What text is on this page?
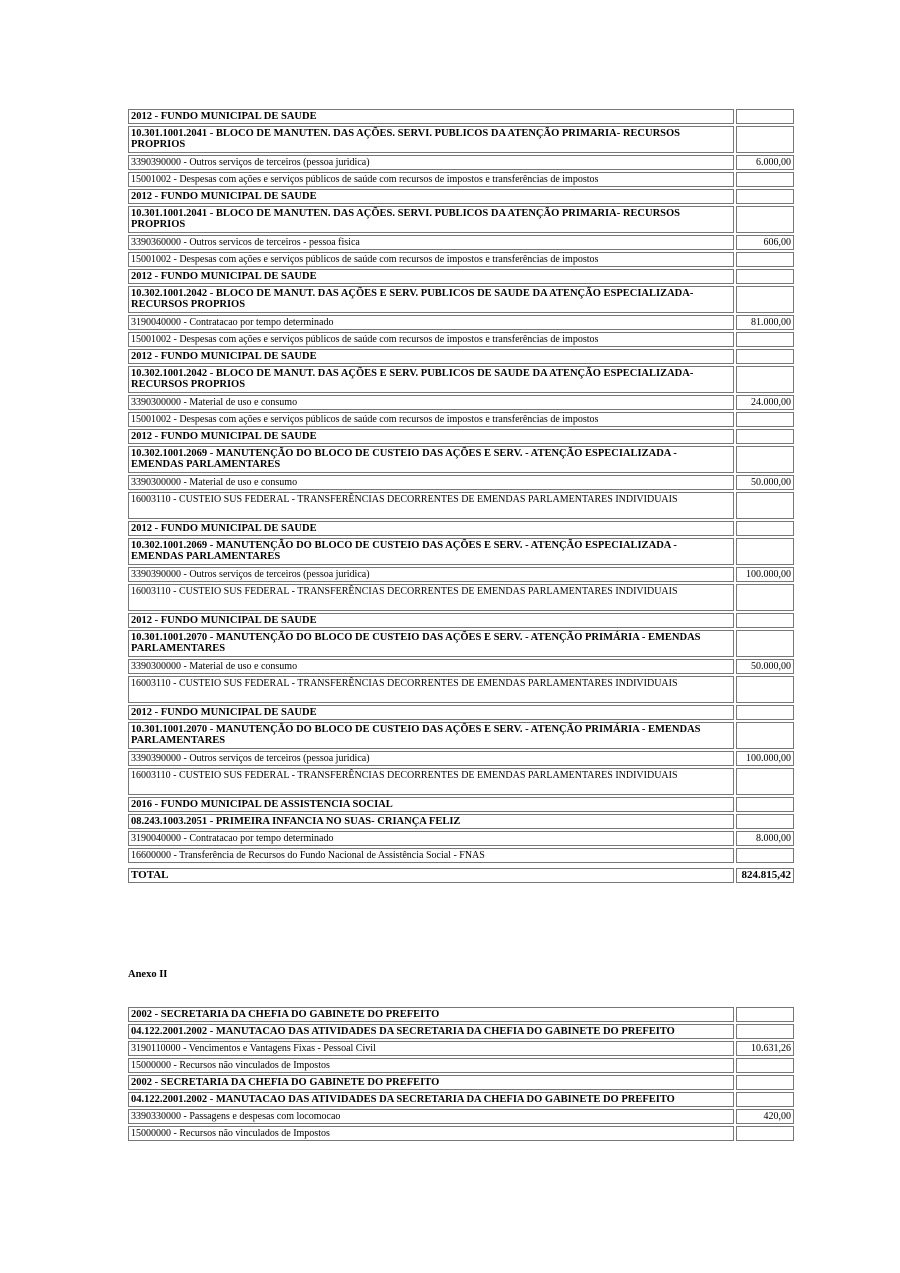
2012 - FUNDO MUNICIPAL DE SAUDE	
10.301.1001.2041 - BLOCO DE MANUTEN. DAS AÇÕES. SERVI. PUBLICOS DA ATENÇÃO PRIMARIA- RECURSOS PROPRIOS	
3390390000 - Outros serviços de terceiros (pessoa juridica)	6.000,00
15001002 - Despesas com ações e serviços públicos de saúde com recursos de impostos e transferências de impostos	
2012 - FUNDO MUNICIPAL DE SAUDE	
10.301.1001.2041 - BLOCO DE MANUTEN. DAS AÇÕES. SERVI. PUBLICOS DA ATENÇÃO PRIMARIA- RECURSOS PROPRIOS	
3390360000 - Outros servicos de terceiros - pessoa fisica	606,00
15001002 - Despesas com ações e serviços públicos de saúde com recursos de impostos e transferências de impostos	
2012 - FUNDO MUNICIPAL DE SAUDE	
10.302.1001.2042 - BLOCO DE MANUT. DAS AÇÕES E SERV. PUBLICOS DE SAUDE DA ATENÇÃO ESPECIALIZADA- RECURSOS PROPRIOS	
3190040000 - Contratacao por tempo determinado	81.000,00
15001002 - Despesas com ações e serviços públicos de saúde com recursos de impostos e transferências de impostos	
2012 - FUNDO MUNICIPAL DE SAUDE	
10.302.1001.2042 - BLOCO DE MANUT. DAS AÇÕES E SERV. PUBLICOS DE SAUDE DA ATENÇÃO ESPECIALIZADA- RECURSOS PROPRIOS	
3390300000 - Material de uso e consumo	24.000,00
15001002 - Despesas com ações e serviços públicos de saúde com recursos de impostos e transferências de impostos	
2012 - FUNDO MUNICIPAL DE SAUDE	
10.302.1001.2069 - MANUTENÇÃO DO BLOCO DE CUSTEIO DAS AÇÕES E SERV. - ATENÇÃO ESPECIALIZADA - EMENDAS PARLAMENTARES	
3390300000 - Material de uso e consumo	50.000,00
16003110 - CUSTEIO SUS FEDERAL - TRANSFERÊNCIAS DECORRENTES DE EMENDAS PARLAMENTARES INDIVIDUAIS	
2012 - FUNDO MUNICIPAL DE SAUDE	
10.302.1001.2069 - MANUTENÇÃO DO BLOCO DE CUSTEIO DAS AÇÕES E SERV. - ATENÇÃO ESPECIALIZADA - EMENDAS PARLAMENTARES	
3390390000 - Outros serviços de terceiros (pessoa juridica)	100.000,00
16003110 - CUSTEIO SUS FEDERAL - TRANSFERÊNCIAS DECORRENTES DE EMENDAS PARLAMENTARES INDIVIDUAIS	
2012 - FUNDO MUNICIPAL DE SAUDE	
10.301.1001.2070 - MANUTENÇÃO DO BLOCO DE CUSTEIO DAS AÇÕES E SERV. - ATENÇÃO PRIMÁRIA - EMENDAS PARLAMENTARES	
3390300000 - Material de uso e consumo	50.000,00
16003110 - CUSTEIO SUS FEDERAL - TRANSFERÊNCIAS DECORRENTES DE EMENDAS PARLAMENTARES INDIVIDUAIS	
2012 - FUNDO MUNICIPAL DE SAUDE	
10.301.1001.2070 - MANUTENÇÃO DO BLOCO DE CUSTEIO DAS AÇÕES E SERV. - ATENÇÃO PRIMÁRIA - EMENDAS PARLAMENTARES	
3390390000 - Outros serviços de terceiros (pessoa juridica)	100.000,00
16003110 - CUSTEIO SUS FEDERAL - TRANSFERÊNCIAS DECORRENTES DE EMENDAS PARLAMENTARES INDIVIDUAIS	
2016 - FUNDO MUNICIPAL DE ASSISTENCIA SOCIAL	
08.243.1003.2051 - PRIMEIRA INFANCIA NO SUAS- CRIANÇA FELIZ	
3190040000 - Contratacao por tempo determinado	8.000,00
16600000 - Transferência de Recursos do Fundo Nacional de Assistência Social - FNAS	

TOTAL	824.815,42
Anexo II
2002 - SECRETARIA DA CHEFIA DO GABINETE DO PREFEITO	
04.122.2001.2002 - MANUTACAO DAS ATIVIDADES DA SECRETARIA DA CHEFIA DO GABINETE DO PREFEITO	
3190110000 - Vencimentos e Vantagens Fixas - Pessoal Civil	10.631,26
15000000 - Recursos não vinculados de Impostos	
2002 - SECRETARIA DA CHEFIA DO GABINETE DO PREFEITO	
04.122.2001.2002 - MANUTACAO DAS ATIVIDADES DA SECRETARIA DA CHEFIA DO GABINETE DO PREFEITO	
3390330000 - Passagens e despesas com locomocao	420,00
15000000 - Recursos não vinculados de Impostos	
